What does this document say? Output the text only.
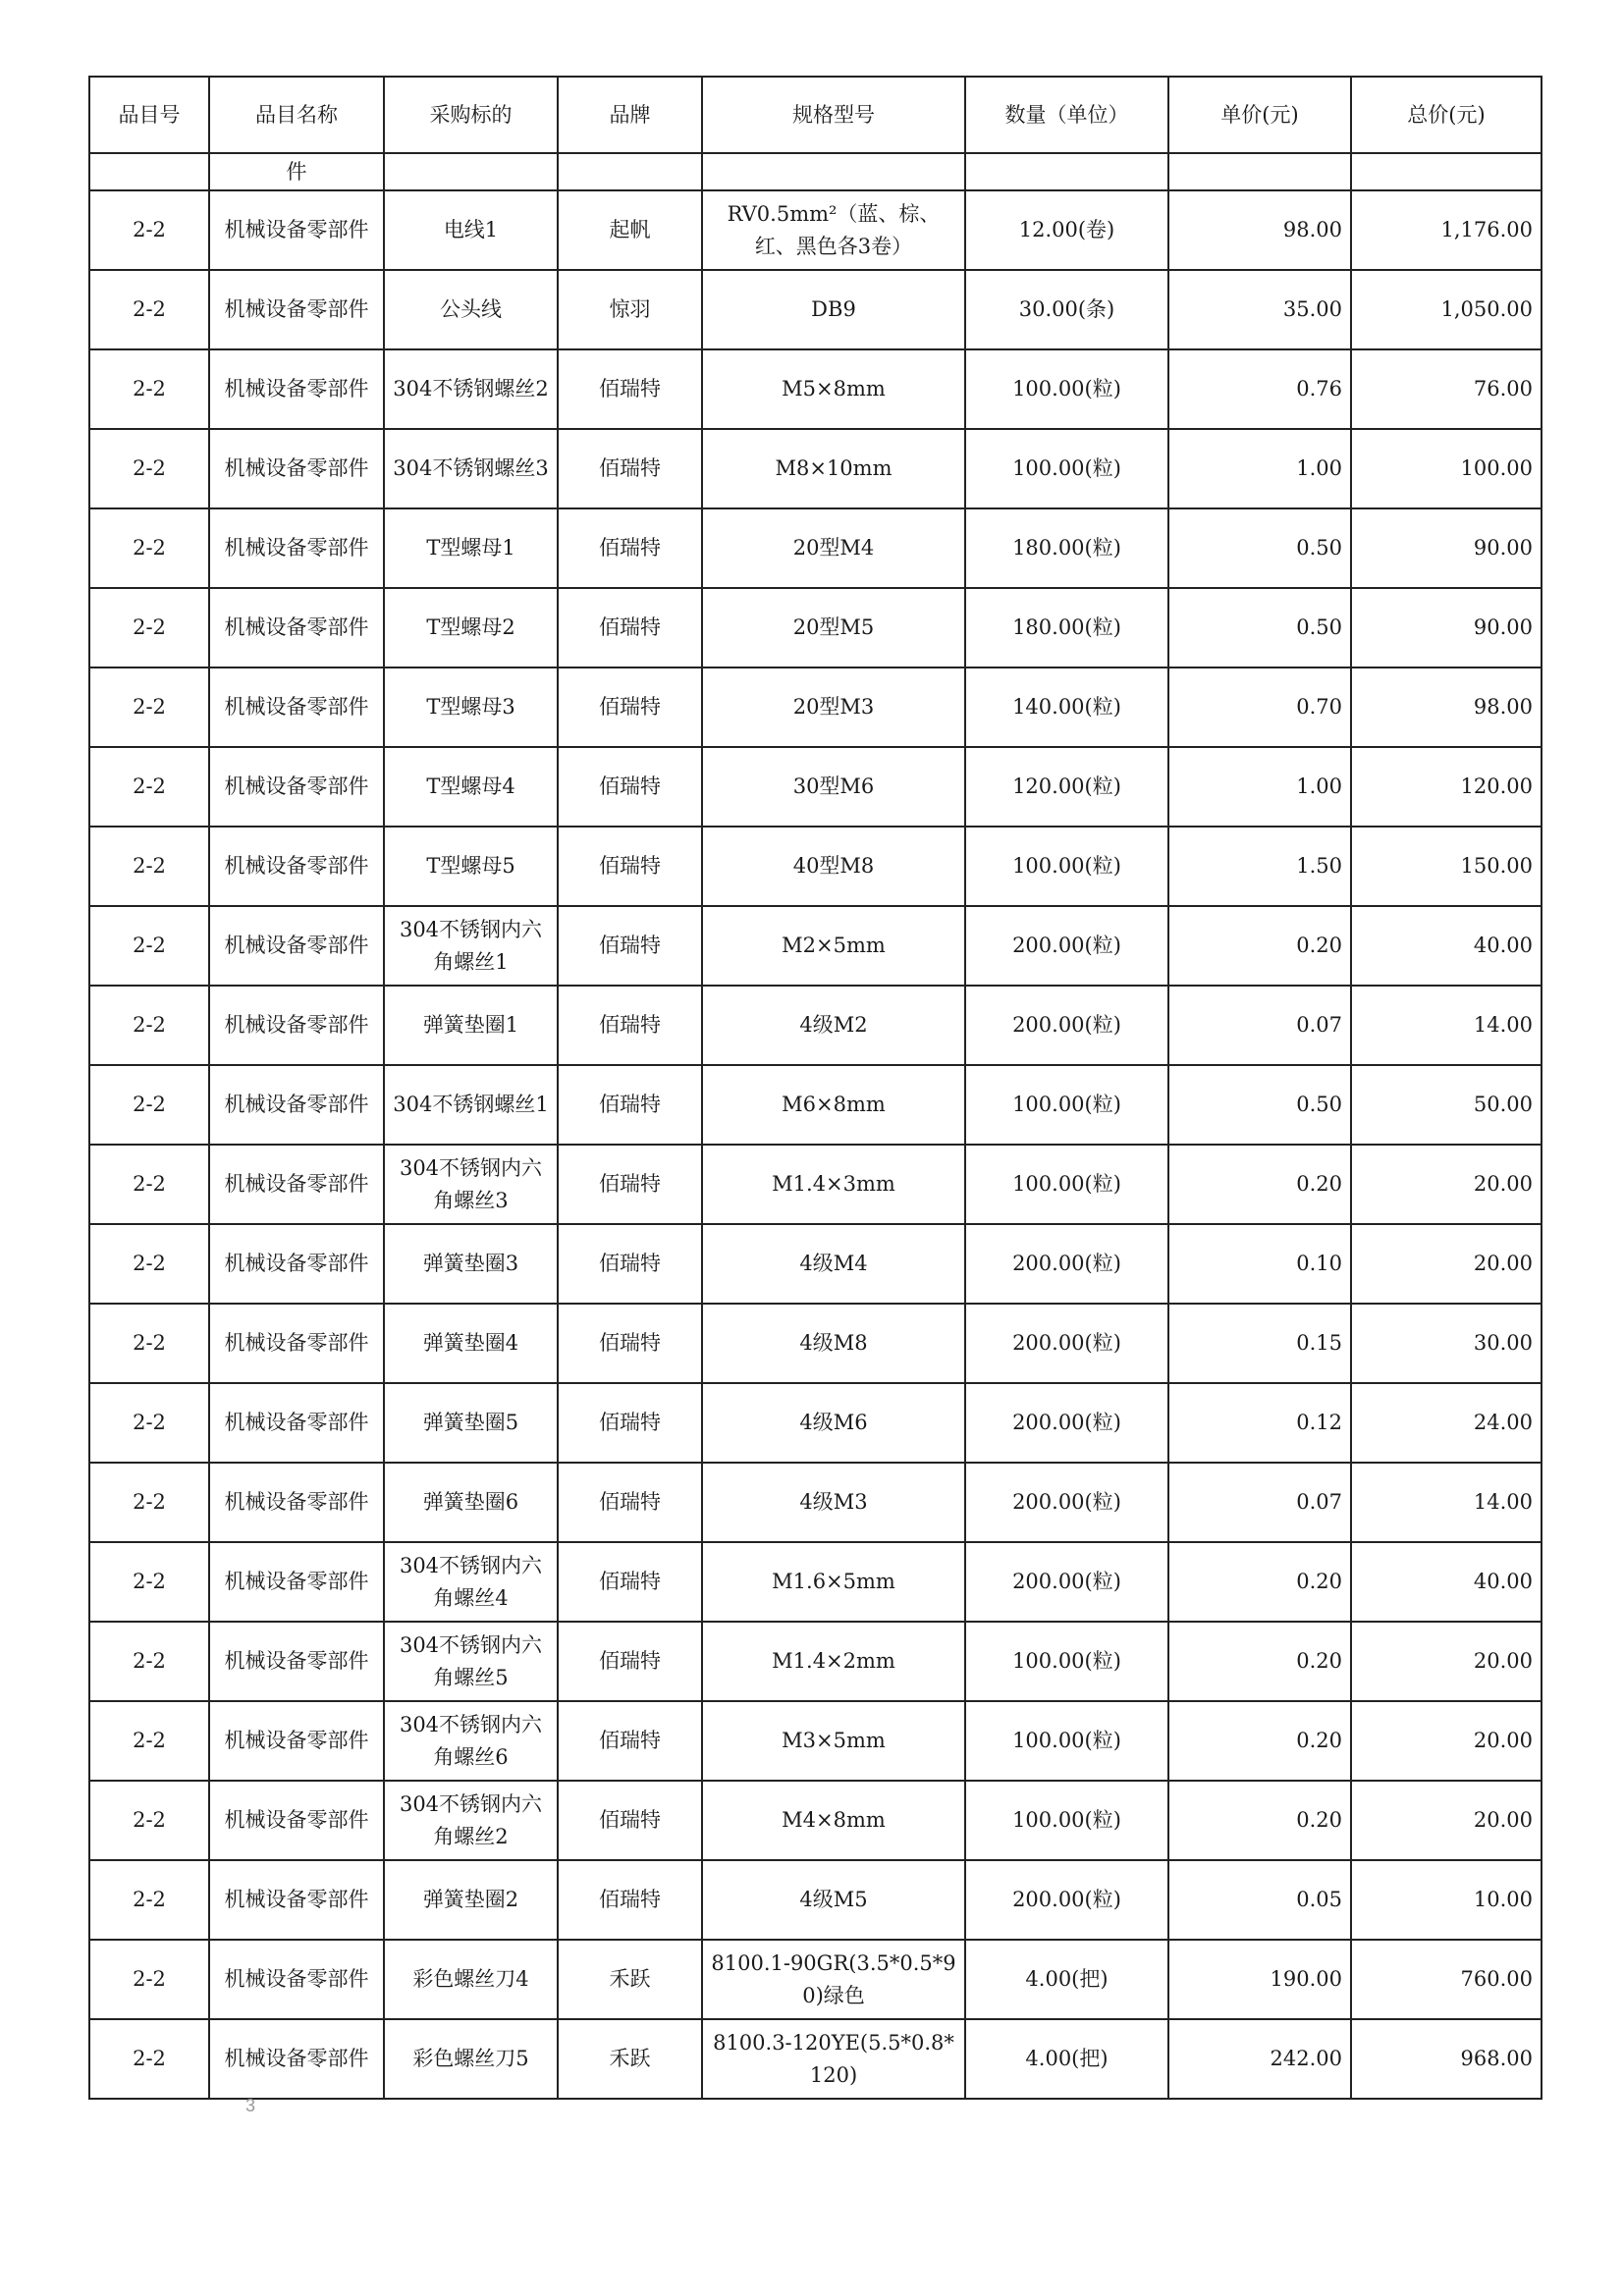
品目号	品目名称	采购标的	品牌	规格型号	数量（单位）	单价(元)	总价(元)
	件						
2-2	机械设备零部件	电线1	起帆	RV0.5mm²（蓝、棕、红、黑色各3卷）	12.00(卷)	98.00	1,176.00
2-2	机械设备零部件	公头线	惊羽	DB9	30.00(条)	35.00	1,050.00
2-2	机械设备零部件	304不锈钢螺丝2	佰瑞特	M5×8mm	100.00(粒)	0.76	76.00
2-2	机械设备零部件	304不锈钢螺丝3	佰瑞特	M8×10mm	100.00(粒)	1.00	100.00
2-2	机械设备零部件	T型螺母1	佰瑞特	20型M4	180.00(粒)	0.50	90.00
2-2	机械设备零部件	T型螺母2	佰瑞特	20型M5	180.00(粒)	0.50	90.00
2-2	机械设备零部件	T型螺母3	佰瑞特	20型M3	140.00(粒)	0.70	98.00
2-2	机械设备零部件	T型螺母4	佰瑞特	30型M6	120.00(粒)	1.00	120.00
2-2	机械设备零部件	T型螺母5	佰瑞特	40型M8	100.00(粒)	1.50	150.00
2-2	机械设备零部件	304不锈钢内六角螺丝1	佰瑞特	M2×5mm	200.00(粒)	0.20	40.00
2-2	机械设备零部件	弹簧垫圈1	佰瑞特	4级M2	200.00(粒)	0.07	14.00
2-2	机械设备零部件	304不锈钢螺丝1	佰瑞特	M6×8mm	100.00(粒)	0.50	50.00
2-2	机械设备零部件	304不锈钢内六角螺丝3	佰瑞特	M1.4×3mm	100.00(粒)	0.20	20.00
2-2	机械设备零部件	弹簧垫圈3	佰瑞特	4级M4	200.00(粒)	0.10	20.00
2-2	机械设备零部件	弹簧垫圈4	佰瑞特	4级M8	200.00(粒)	0.15	30.00
2-2	机械设备零部件	弹簧垫圈5	佰瑞特	4级M6	200.00(粒)	0.12	24.00
2-2	机械设备零部件	弹簧垫圈6	佰瑞特	4级M3	200.00(粒)	0.07	14.00
2-2	机械设备零部件	304不锈钢内六角螺丝4	佰瑞特	M1.6×5mm	200.00(粒)	0.20	40.00
2-2	机械设备零部件	304不锈钢内六角螺丝5	佰瑞特	M1.4×2mm	100.00(粒)	0.20	20.00
2-2	机械设备零部件	304不锈钢内六角螺丝6	佰瑞特	M3×5mm	100.00(粒)	0.20	20.00
2-2	机械设备零部件	304不锈钢内六角螺丝2	佰瑞特	M4×8mm	100.00(粒)	0.20	20.00
2-2	机械设备零部件	弹簧垫圈2	佰瑞特	4级M5	200.00(粒)	0.05	10.00
2-2	机械设备零部件	彩色螺丝刀4	禾跃	8100.1-90GR(3.5*0.5*90)绿色	4.00(把)	190.00	760.00
2-2	机械设备零部件	彩色螺丝刀5	禾跃	8100.3-120YE(5.5*0.8*120)	4.00(把)	242.00	968.00
3
